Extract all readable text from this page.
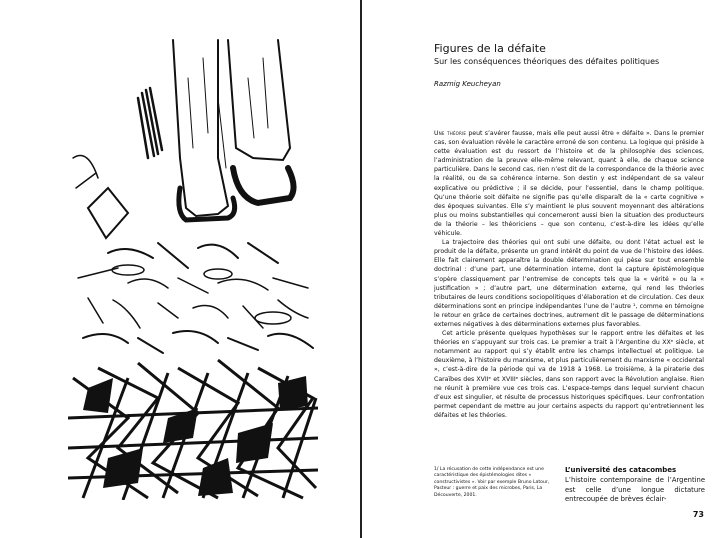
Figures de la défaite

Sur les conséquences théoriques des défaites politiques

Razmig Keucheyan

Une théorie peut s’avérer fausse, mais elle peut aussi être « défaite ». Dans le premier cas, son évaluation révèle le caractère erroné de son contenu. La logique qui préside à cette évaluation est du ressort de l’histoire et de la philosophie des sciences, l’administration de la preuve elle-même relevant, quant à elle, de chaque science particulière. Dans le second cas, rien n’est dit de la correspondance de la théorie avec la réalité, ou de sa cohérence interne. Son destin y est indépendant de sa valeur explicative ou prédictive ; il se décide, pour l’essentiel, dans le champ politique. Qu’une théorie soit défaite ne signifie pas qu’elle disparaît de la « carte cognitive » des époques suivantes. Elle s’y maintient le plus souvent moyennant des altérations plus ou moins substantielles qui concerneront aussi bien la situation des producteurs de la théorie – les théoriciens – que son contenu, c’est-à-dire les idées qu’elle véhicule.

La trajectoire des théories qui ont subi une défaite, ou dont l’état actuel est le produit de la défaite, présente un grand intérêt du point de vue de l’histoire des idées. Elle fait clairement apparaître la double détermination qui pèse sur tout ensemble doctrinal : d’une part, une détermination interne, dont la capture épistémologique s’opère classiquement par l’entremise de concepts tels que la « vérité » ou la « justification » ; d’autre part, une détermination externe, qui rend les théories tributaires de leurs conditions sociopolitiques d’élaboration et de circulation. Ces deux déterminations sont en principe indépendantes l’une de l’autre ¹, comme en témoigne le retour en grâce de certaines doctrines, autrement dit le passage de déterminations externes négatives à des déterminations externes plus favorables.

Cet article présente quelques hypothèses sur le rapport entre les défaites et les théories en s’appuyant sur trois cas. Le premier a trait à l’Argentine du XXᵉ siècle, et notamment au rapport qui s’y établit entre les champs intellectuel et politique. Le deuxième, à l’histoire du marxisme, et plus particulièrement du marxisme « occidental », c’est-à-dire de la période qui va de 1918 à 1968. Le troisième, à la piraterie des Caraïbes des XVIIᵉ et XVIIIᵉ siècles, dans son rapport avec la Révolution anglaise. Rien ne réunit à première vue ces trois cas. L’espace-temps dans lequel survient chacun d’eux est singulier, et résulte de processus historiques spécifiques. Leur confrontation permet cependant de mettre au jour certains aspects du rapport qu’entretiennent les défaites et les théories.

1/ La récusation de cette indépendance est une caractéristique des épistémologies dites « constructivistes ». Voir par exemple Bruno Latour, Pasteur : guerre et paix des microbes, Paris, La Découverte, 2001.

L’université des catacombes

L’histoire contemporaine de l’Argentine est celle d’une longue dictature entrecoupée de brèves éclair-

73
